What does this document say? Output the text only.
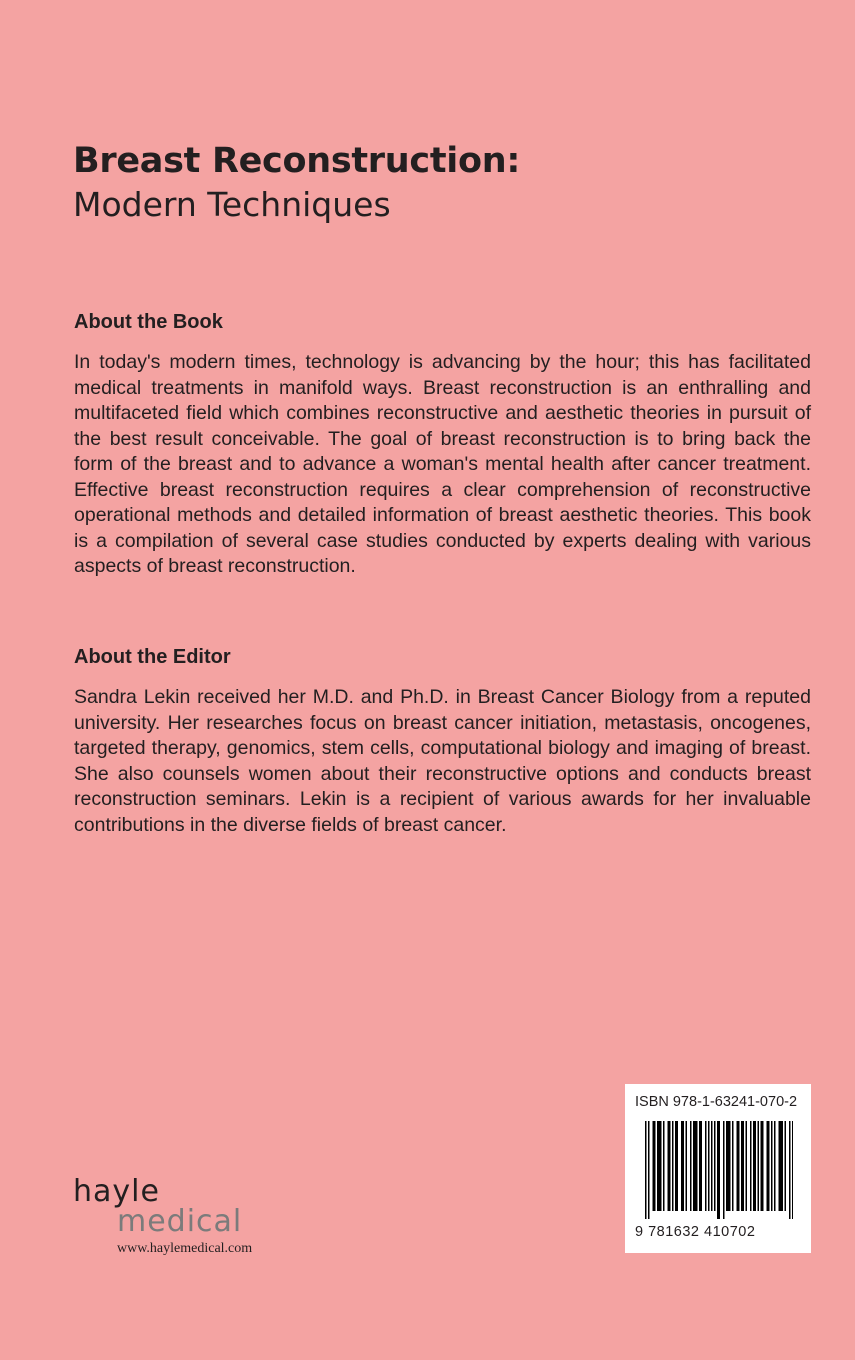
Breast Reconstruction:
Modern Techniques
About the Book
In today's modern times, technology is advancing by the hour; this has facilitated medical treatments in manifold ways. Breast reconstruction is an enthralling and multifaceted field which combines reconstructive and aesthetic theories in pursuit of the best result conceivable. The goal of breast reconstruction is to bring back the form of the breast and to advance a woman's mental health after cancer treatment. Effective breast reconstruction requires a clear comprehension of reconstructive operational methods and detailed information of breast aesthetic theories. This book is a compilation of several case studies conducted by experts dealing with various aspects of breast reconstruction.
About the Editor
Sandra Lekin received her M.D. and Ph.D. in Breast Cancer Biology from a reputed university. Her researches focus on breast cancer initiation, metastasis, oncogenes, targeted therapy, genomics, stem cells, computational biology and imaging of breast. She also counsels women about their reconstructive options and conducts breast reconstruction seminars. Lekin is a recipient of various awards for her invaluable contributions in the diverse fields of breast cancer.
ISBN 978-1-63241-070-2
9 781632 410702
hayle
medical
www.haylemedical.com
